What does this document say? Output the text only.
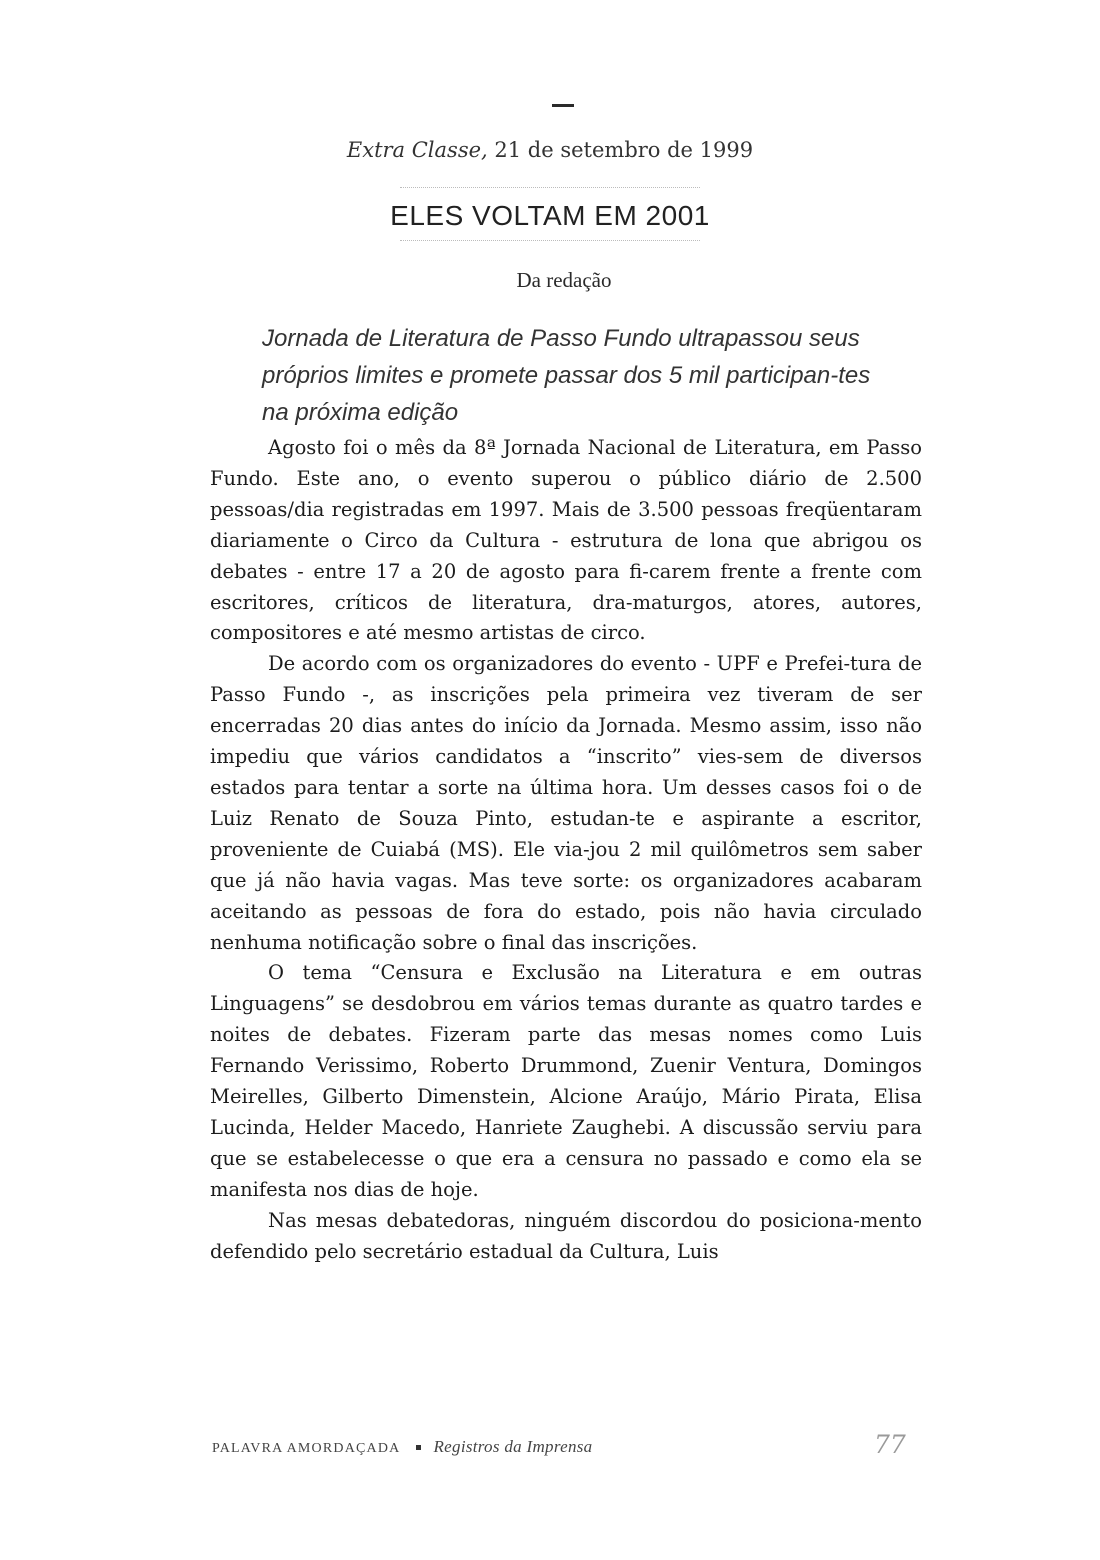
Extra Classe, 21 de setembro de 1999
ELES VOLTAM EM 2001
Da redação

Jornada de Literatura de Passo Fundo ultrapassou seus próprios limites e promete passar dos 5 mil participan-tes na próxima edição

Agosto foi o mês da 8ª Jornada Nacional de Literatura, em Passo Fundo. Este ano, o evento superou o público diário de 2.500 pessoas/dia registradas em 1997. Mais de 3.500 pessoas freqüentaram diariamente o Circo da Cultura - estrutura de lona que abrigou os debates - entre 17 a 20 de agosto para fi-carem frente a frente com escritores, críticos de literatura, dra-maturgos, atores, autores, compositores e até mesmo artistas de circo.

De acordo com os organizadores do evento - UPF e Prefei-tura de Passo Fundo -, as inscrições pela primeira vez tiveram de ser encerradas 20 dias antes do início da Jornada. Mesmo assim, isso não impediu que vários candidatos a “inscrito” vies-sem de diversos estados para tentar a sorte na última hora. Um desses casos foi o de Luiz Renato de Souza Pinto, estudan-te e aspirante a escritor, proveniente de Cuiabá (MS). Ele via-jou 2 mil quilômetros sem saber que já não havia vagas. Mas teve sorte: os organizadores acabaram aceitando as pessoas de fora do estado, pois não havia circulado nenhuma notificação sobre o final das inscrições.

O tema “Censura e Exclusão na Literatura e em outras Linguagens” se desdobrou em vários temas durante as quatro tardes e noites de debates. Fizeram parte das mesas nomes como Luis Fernando Verissimo, Roberto Drummond, Zuenir Ventura, Domingos Meirelles, Gilberto Dimenstein, Alcione Araújo, Mário Pirata, Elisa Lucinda, Helder Macedo, Hanriete Zaughebi. A discussão serviu para que se estabelecesse o que era a censura no passado e como ela se manifesta nos dias de hoje.

Nas mesas debatedoras, ninguém discordou do posiciona-mento defendido pelo secretário estadual da Cultura, Luis

PALAVRA AMORDAÇADA Registros da Imprensa	77
